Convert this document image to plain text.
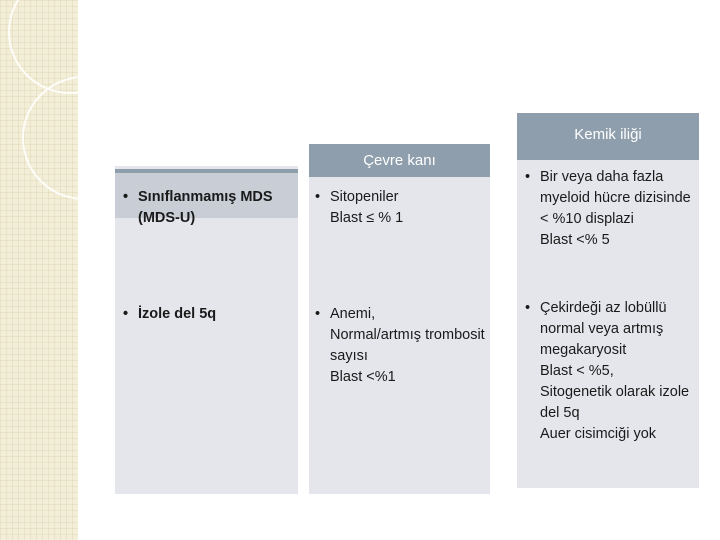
Çevre kanı
Kemik iliği
• Sınıflanmamış MDS (MDS-U)
• Sitopeniler
Blast ≤ % 1
• Bir veya daha fazla myeloid hücre dizisinde < %10 displazi
Blast <% 5
• İzole del 5q	• Anemi,
Normal/artmış trombosit sayısı
Blast <%1
• Çekirdeği az lobüllü normal veya artmış megakaryosit
Blast < %5,
Sitogenetik olarak izole del 5q
Auer cisimciği yok
